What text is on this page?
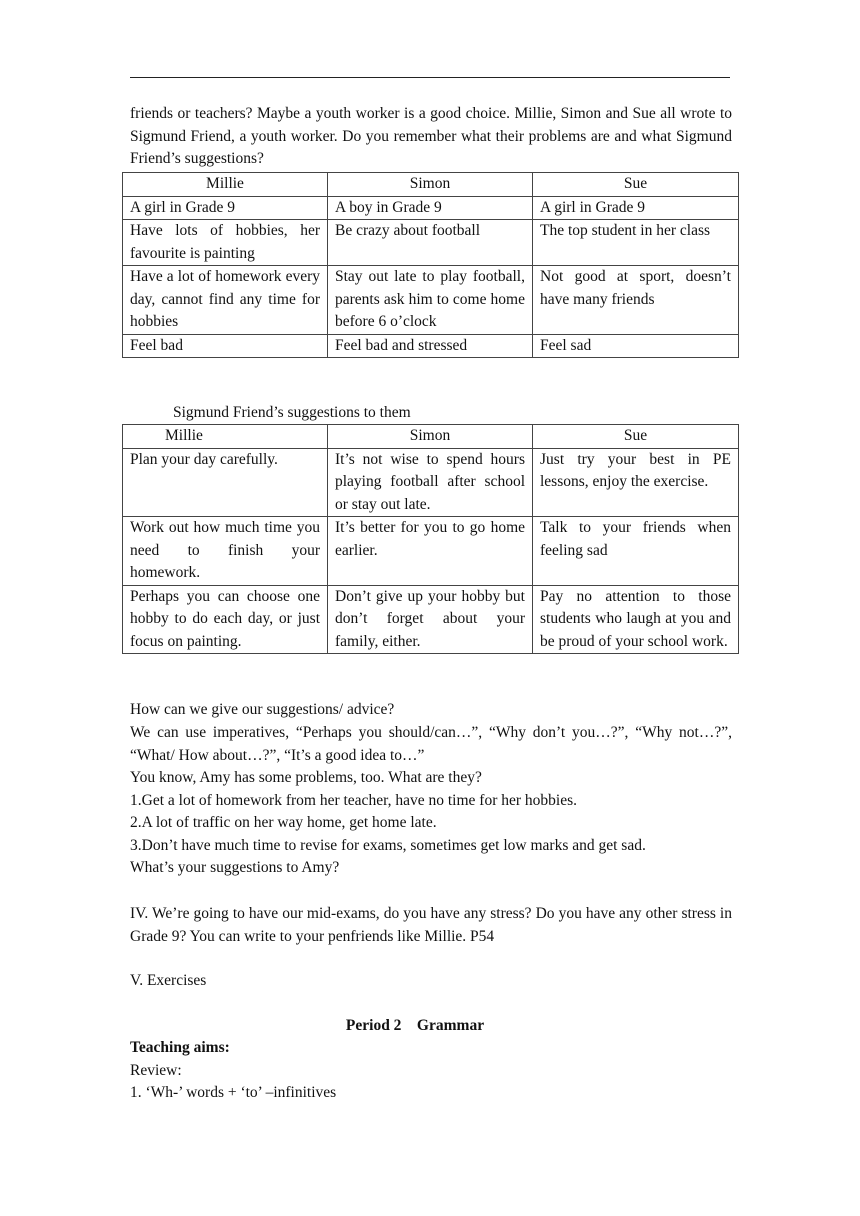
friends or teachers? Maybe a youth worker is a good choice. Millie, Simon and Sue all wrote to Sigmund Friend, a youth worker. Do you remember what their problems are and what Sigmund Friend’s suggestions?
Millie	Simon	Sue
A girl in Grade 9	A boy in Grade 9	A girl in Grade 9
Have lots of hobbies, her favourite is painting	Be crazy about football	The top student in her class
Have a lot of homework every day, cannot find any time for hobbies	Stay out late to play football, parents ask him to come home before 6 o’clock	Not good at sport, doesn’t have many friends
Feel bad	Feel bad and stressed	Feel sad
Sigmund Friend’s suggestions to them
Millie	Simon	Sue
Plan your day carefully.	It’s not wise to spend hours playing football after school or stay out late.	Just try your best in PE lessons, enjoy the exercise.
Work out how much time you need to finish your homework.	It’s better for you to go home earlier.	Talk to your friends when feeling sad
Perhaps you can choose one hobby to do each day, or just focus on painting.	Don’t give up your hobby but don’t forget about your family, either.	Pay no attention to those students who laugh at you and be proud of your school work.
How can we give our suggestions/ advice?
We can use imperatives, “Perhaps you should/can…”, “Why don’t you…?”, “Why not…?”, “What/ How about…?”, “It’s a good idea to…”
You know, Amy has some problems, too. What are they?
1.Get a lot of homework from her teacher, have no time for her hobbies.
2.A lot of traffic on her way home, get home late.
3.Don’t have much time to revise for exams, sometimes get low marks and get sad.
What’s your suggestions to Amy?
IV. We’re going to have our mid-exams, do you have any stress? Do you have any other stress in Grade 9? You can write to your penfriends like Millie. P54
V. Exercises
Period 2    Grammar
Teaching aims:
Review:
1. ‘Wh-’ words + ‘to’ –infinitives
